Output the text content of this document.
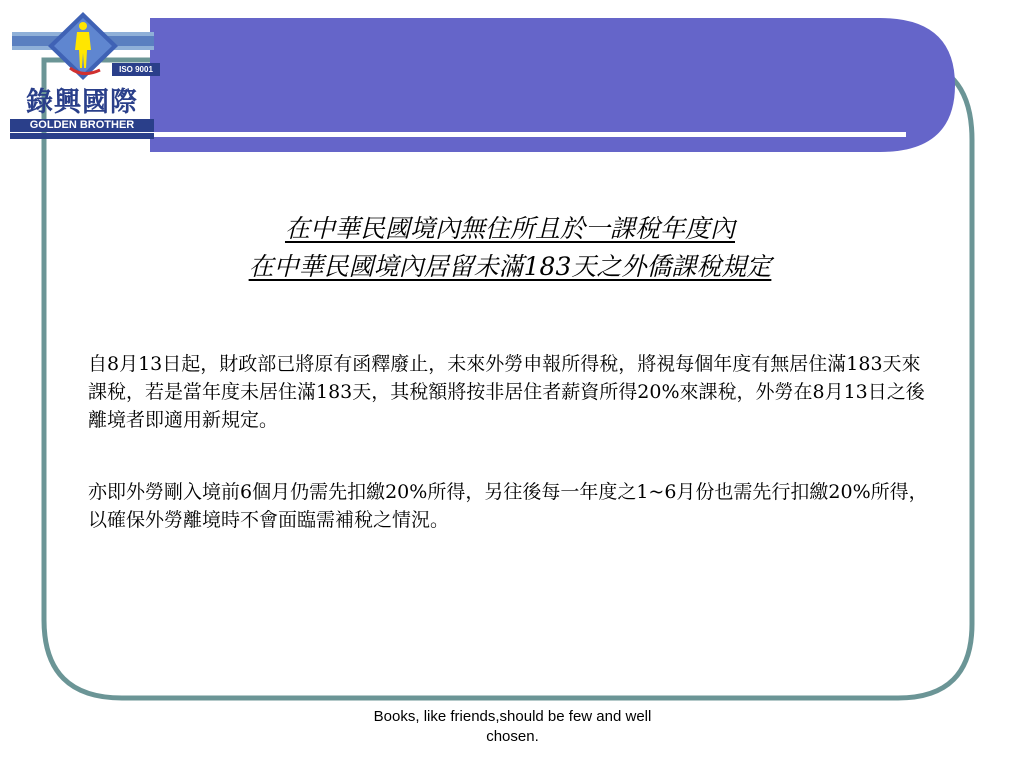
ISO 9001
錄興國際
GOLDEN BROTHER
在中華民國境內無住所且於一課稅年度內
在中華民國境內居留未滿183天之外僑課稅規定

自8月13日起，財政部已將原有函釋廢止，未來外勞申報所得稅，將視每個年度有無居住滿183天來課稅，若是當年度未居住滿183天，其稅額將按非居住者薪資所得20%來課稅，外勞在8月13日之後離境者即適用新規定。

亦即外勞剛入境前6個月仍需先扣繳20%所得，另往後每一年度之1~6月份也需先行扣繳20%所得，以確保外勞離境時不會面臨需補稅之情況。

Books, like friends,should be few and well chosen.
